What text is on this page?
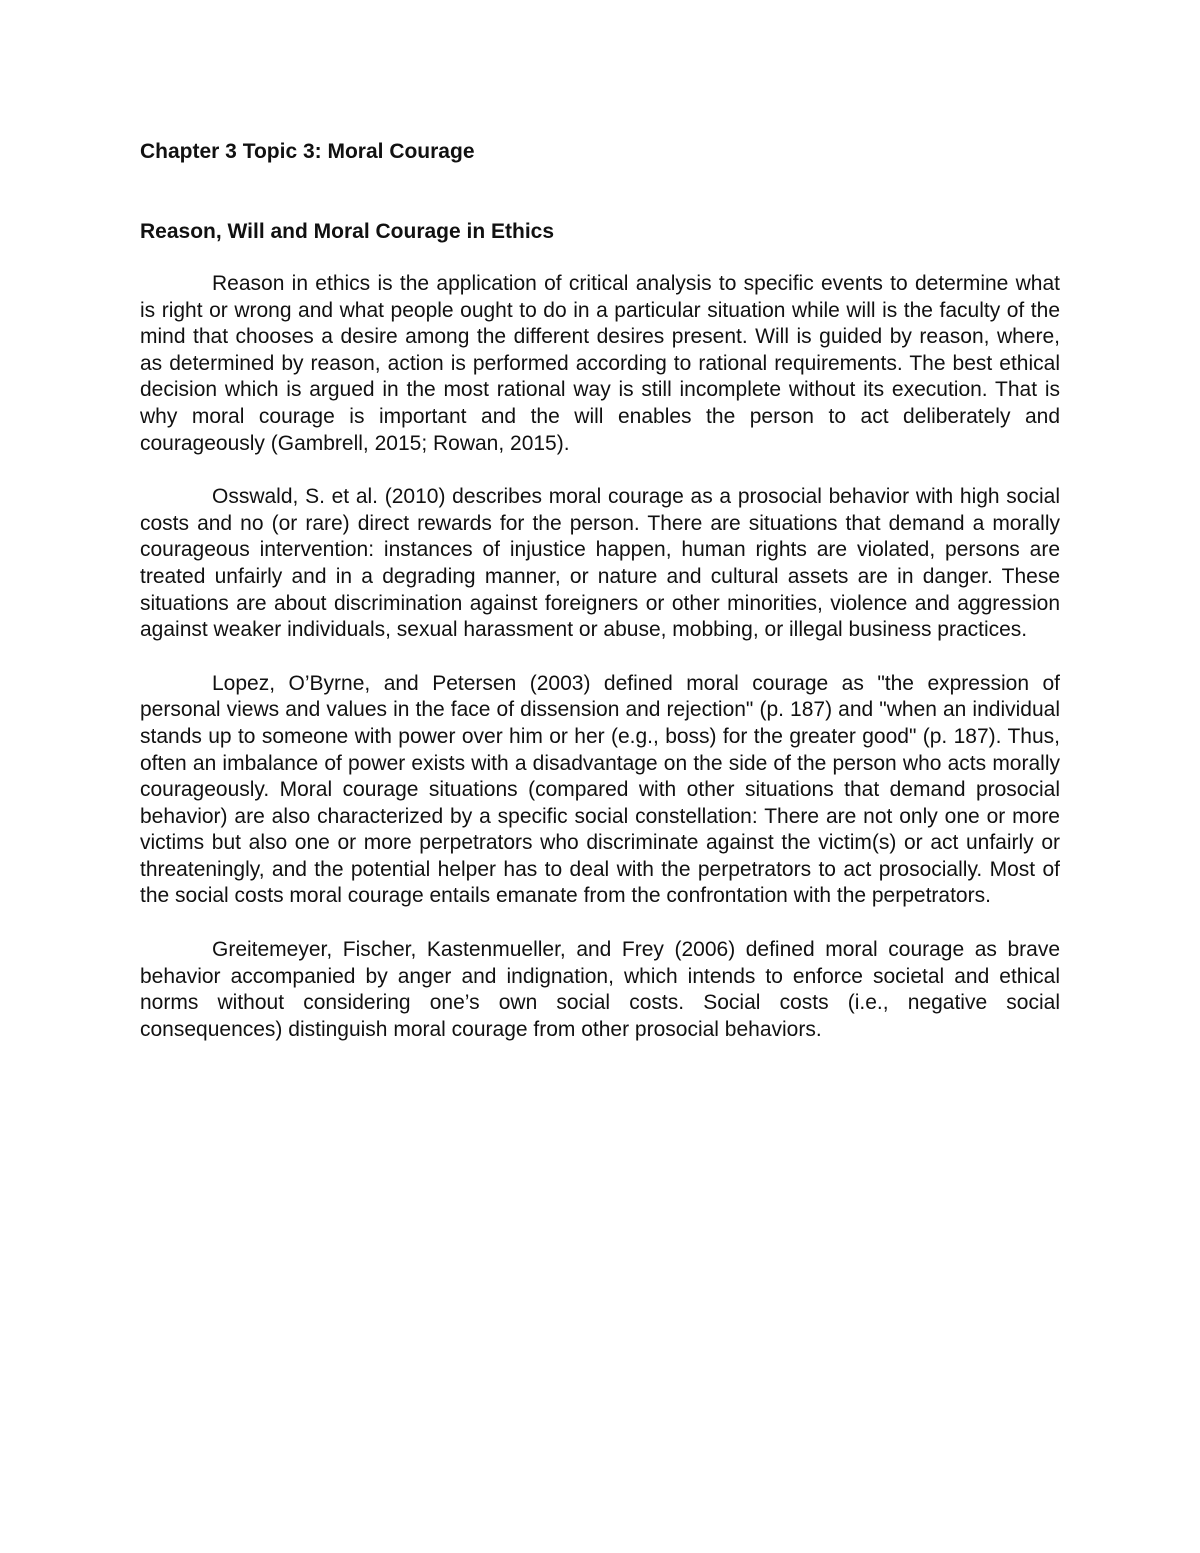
Chapter 3 Topic 3: Moral Courage
Reason, Will and Moral Courage in Ethics

Reason in ethics is the application of critical analysis to specific events to determine what is right or wrong and what people ought to do in a particular situation while will is the faculty of the mind that chooses a desire among the different desires present. Will is guided by reason, where, as determined by reason, action is performed according to rational requirements. The best ethical decision which is argued in the most rational way is still incomplete without its execution. That is why moral courage is important and the will enables the person to act deliberately and courageously (Gambrell, 2015; Rowan, 2015).

Osswald, S. et al. (2010) describes moral courage as a prosocial behavior with high social costs and no (or rare) direct rewards for the person. There are situations that demand a morally courageous intervention: instances of injustice happen, human rights are violated, persons are treated unfairly and in a degrading manner, or nature and cultural assets are in danger. These situations are about discrimination against foreigners or other minorities, violence and aggression against weaker individuals, sexual harassment or abuse, mobbing, or illegal business practices.

Lopez, O’Byrne, and Petersen (2003) defined moral courage as "the expression of personal views and values in the face of dissension and rejection" (p. 187) and "when an individual stands up to someone with power over him or her (e.g., boss) for the greater good" (p. 187). Thus, often an imbalance of power exists with a disadvantage on the side of the person who acts morally courageously. Moral courage situations (compared with other situations that demand prosocial behavior) are also characterized by a specific social constellation: There are not only one or more victims but also one or more perpetrators who discriminate against the victim(s) or act unfairly or threateningly, and the potential helper has to deal with the perpetrators to act prosocially. Most of the social costs moral courage entails emanate from the confrontation with the perpetrators.

Greitemeyer, Fischer, Kastenmueller, and Frey (2006) defined moral courage as brave behavior accompanied by anger and indignation, which intends to enforce societal and ethical norms without considering one’s own social costs. Social costs (i.e., negative social consequences) distinguish moral courage from other prosocial behaviors.
